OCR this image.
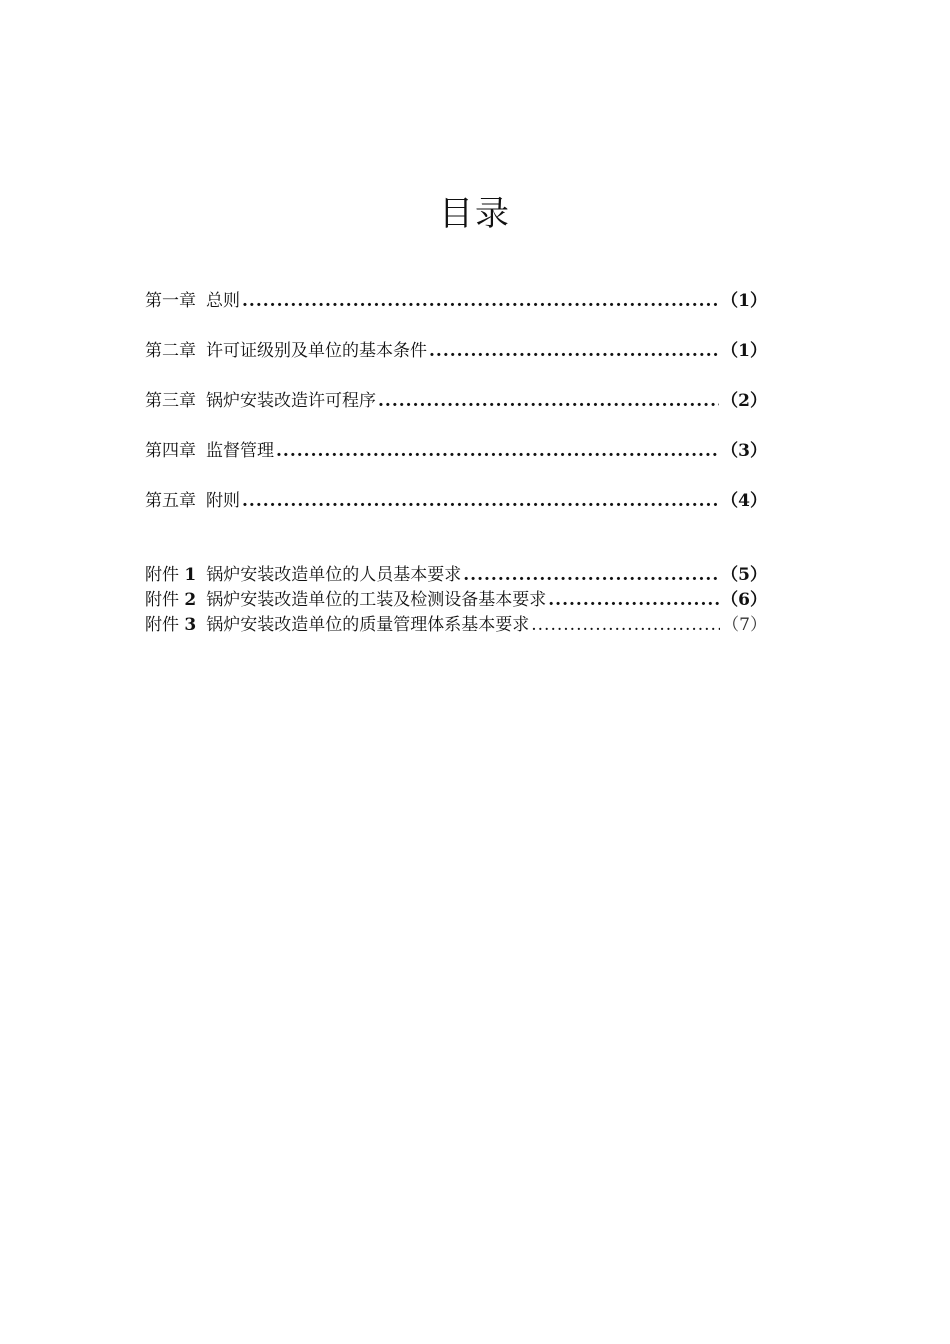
目录
第一章 总则 .....	（1）
第二章 许可证级别及单位的基本条件 .....	（1）
第三章 锅炉安装改造许可程序 .....	（2）
第四章 监督管理 .....	（3）
第五章 附则 .....	（4）
附件 1 锅炉安装改造单位的人员基本要求 .....	（5）
附件 2 锅炉安装改造单位的工装及检测设备基本要求 .....	（6）
附件 3 锅炉安装改造单位的质量管理体系基本要求 .....	（7）
